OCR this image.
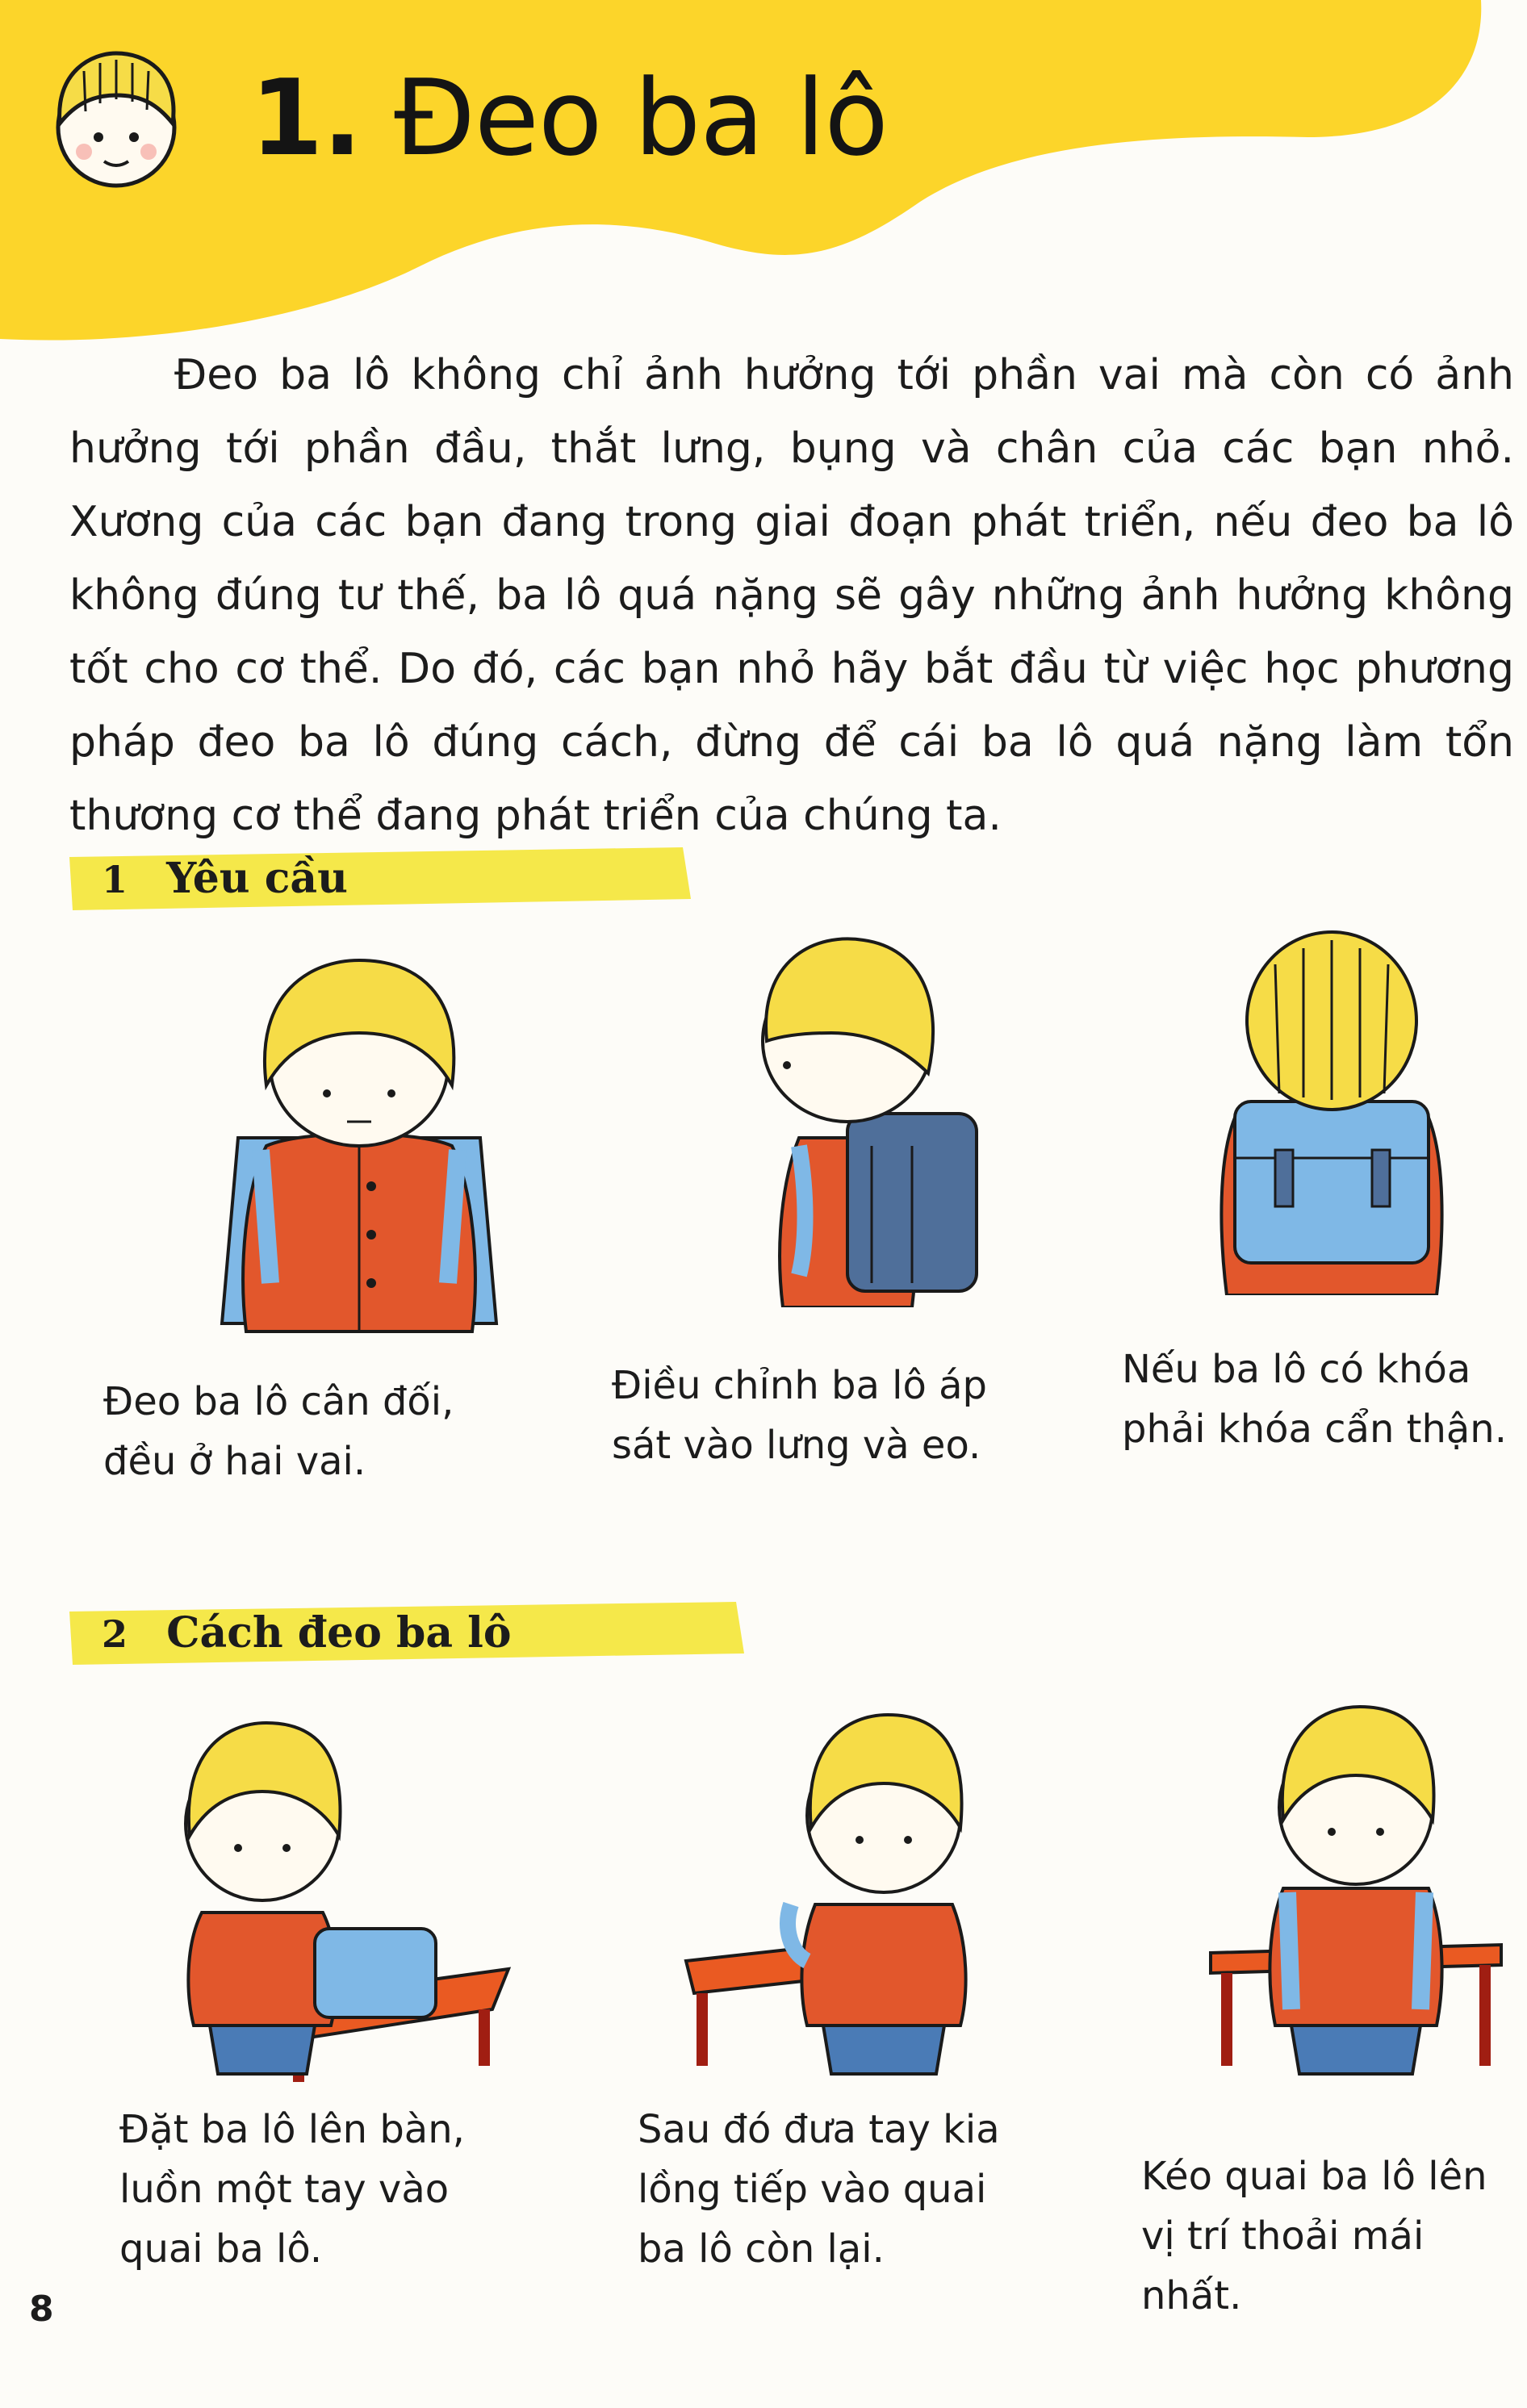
1. Đeo ba lô

Đeo ba lô không chỉ ảnh hưởng tới phần vai mà còn có ảnh hưởng tới phần đầu, thắt lưng, bụng và chân của các bạn nhỏ. Xương của các bạn đang trong giai đoạn phát triển, nếu đeo ba lô không đúng tư thế, ba lô quá nặng sẽ gây những ảnh hưởng không tốt cho cơ thể. Do đó, các bạn nhỏ hãy bắt đầu từ việc học phương pháp đeo ba lô đúng cách, đừng để cái ba lô quá nặng làm tổn thương cơ thể đang phát triển của chúng ta.

1 Yêu cầu

Đeo ba lô cân đối, đều ở hai vai.

Điều chỉnh ba lô áp sát vào lưng và eo.

Nếu ba lô có khóa phải khóa cẩn thận.

2 Cách đeo ba lô

Đặt ba lô lên bàn, luồn một tay vào quai ba lô.

Sau đó đưa tay kia lồng tiếp vào quai ba lô còn lại.

Kéo quai ba lô lên vị trí thoải mái nhất.

8
